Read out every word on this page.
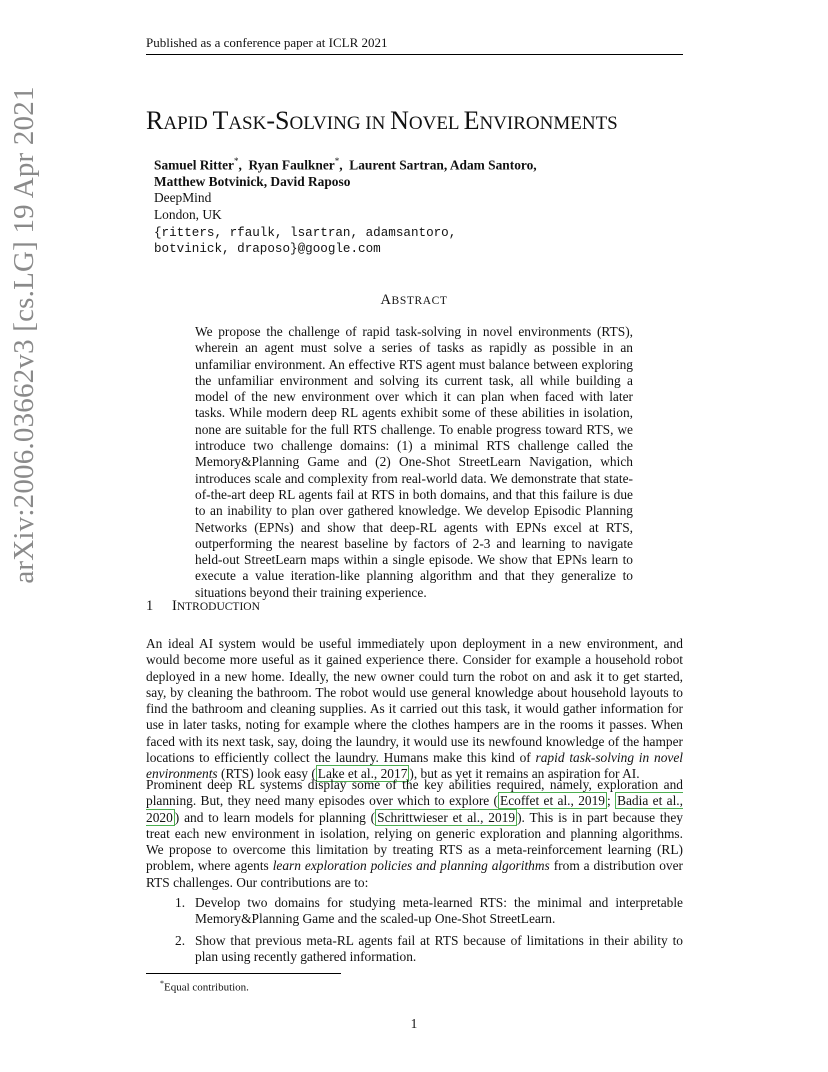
Published as a conference paper at ICLR 2021
arXiv:2006.03662v3 [cs.LG] 19 Apr 2021	RAPID TASK-SOLVING IN NOVEL ENVIRONMENTS
Samuel Ritter*,  Ryan Faulkner*,  Laurent Sartran, Adam Santoro,
Matthew Botvinick, David Raposo
DeepMind
London, UK
{ritters, rfaulk, lsartran, adamsantoro,
botvinick, draposo}@google.com
ABSTRACT
We propose the challenge of rapid task-solving in novel environments (RTS), wherein an agent must solve a series of tasks as rapidly as possible in an unfamiliar environment. An effective RTS agent must balance between exploring the unfamiliar environment and solving its current task, all while building a model of the new environment over which it can plan when faced with later tasks. While modern deep RL agents exhibit some of these abilities in isolation, none are suitable for the full RTS challenge. To enable progress toward RTS, we introduce two challenge domains: (1) a minimal RTS challenge called the Memory&Planning Game and (2) One-Shot StreetLearn Navigation, which introduces scale and complexity from real-world data. We demonstrate that state-of-the-art deep RL agents fail at RTS in both domains, and that this failure is due to an inability to plan over gathered knowledge. We develop Episodic Planning Networks (EPNs) and show that deep-RL agents with EPNs excel at RTS, outperforming the nearest baseline by factors of 2-3 and learning to navigate held-out StreetLearn maps within a single episode. We show that EPNs learn to execute a value iteration-like planning algorithm and that they generalize to situations beyond their training experience.
1 INTRODUCTION
An ideal AI system would be useful immediately upon deployment in a new environment, and would become more useful as it gained experience there. Consider for example a household robot deployed in a new home. Ideally, the new owner could turn the robot on and ask it to get started, say, by cleaning the bathroom. The robot would use general knowledge about household layouts to find the bathroom and cleaning supplies. As it carried out this task, it would gather information for use in later tasks, noting for example where the clothes hampers are in the rooms it passes. When faced with its next task, say, doing the laundry, it would use its newfound knowledge of the hamper locations to efficiently collect the laundry. Humans make this kind of rapid task-solving in novel environments (RTS) look easy ( Lake et al., 2017 ), but as yet it remains an aspiration for AI.
Prominent deep RL systems display some of the key abilities required, namely, exploration and planning. But, they need many episodes over which to explore ( Ecoffet et al., 2019 ; Badia et al., 2020 ) and to learn models for planning ( Schrittwieser et al., 2019 ). This is in part because they treat each new environment in isolation, relying on generic exploration and planning algorithms. We propose to overcome this limitation by treating RTS as a meta-reinforcement learning (RL) problem, where agents learn exploration policies and planning algorithms from a distribution over RTS challenges. Our contributions are to:
1. Develop two domains for studying meta-learned RTS: the minimal and interpretable Memory&Planning Game and the scaled-up One-Shot StreetLearn.
2. Show that previous meta-RL agents fail at RTS because of limitations in their ability to plan using recently gathered information.
*Equal contribution.
1
